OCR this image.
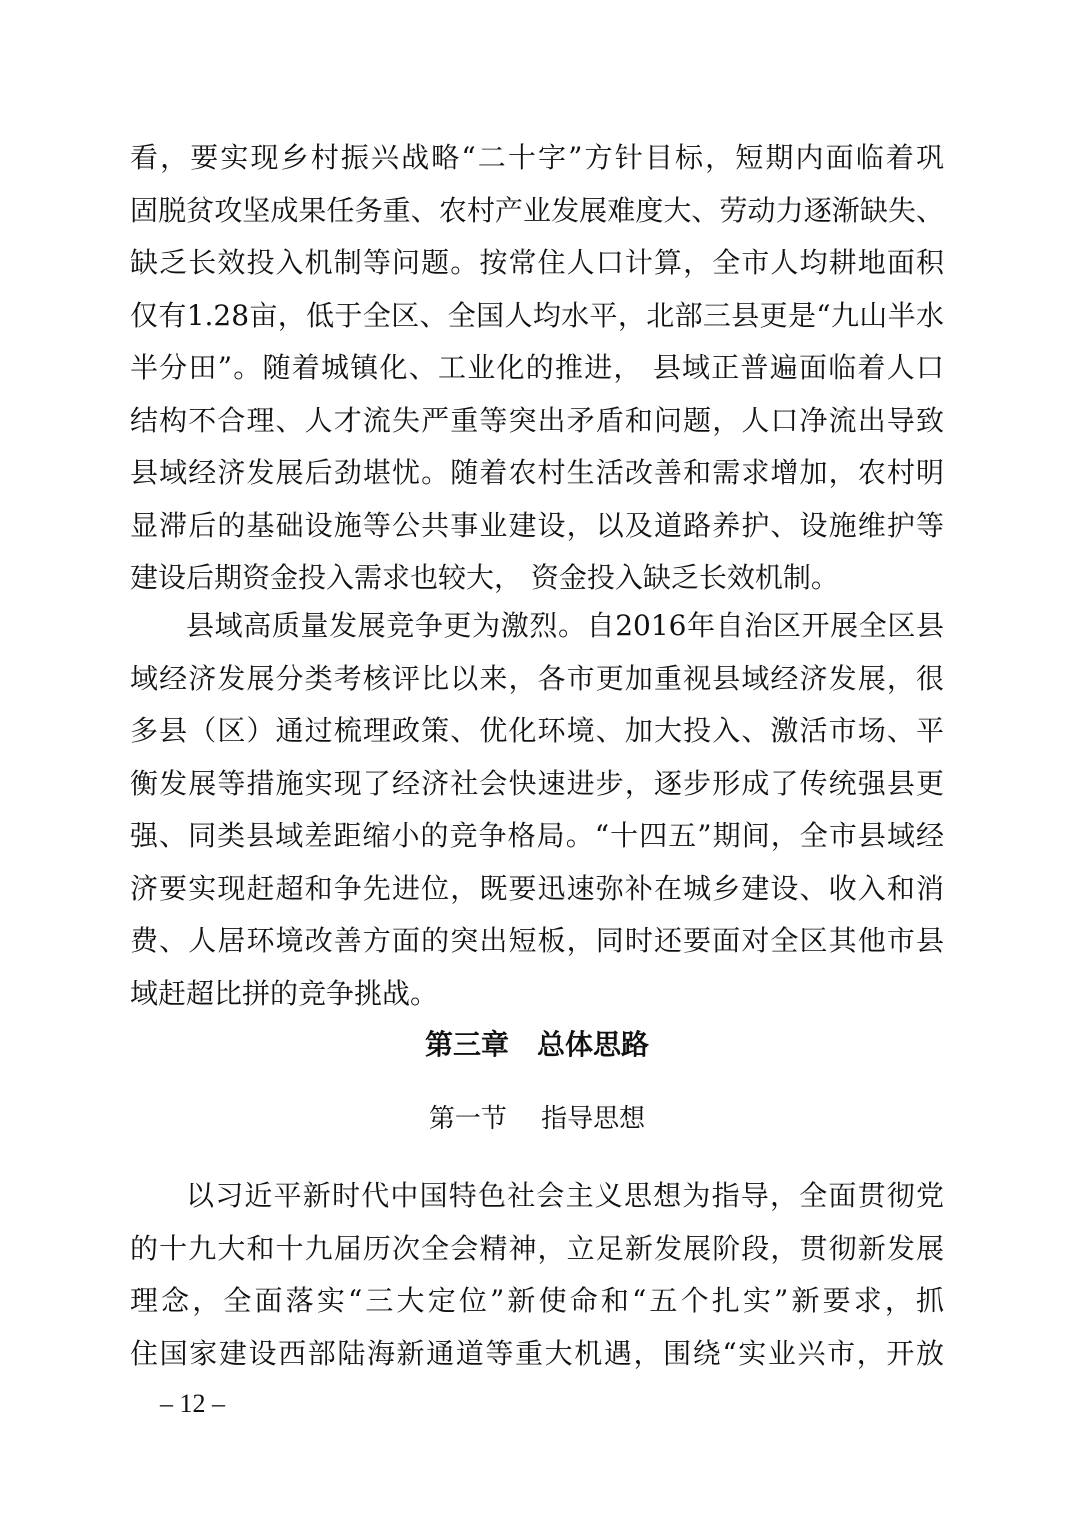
看，要实现乡村振兴战略“二十字”方针目标，短期内面临着巩
固脱贫攻坚成果任务重、农村产业发展难度大、劳动力逐渐缺失、
缺乏长效投入机制等问题。按常住人口计算，全市人均耕地面积
仅有1.28亩，低于全区、全国人均水平，北部三县更是“九山半水
半分田”。随着城镇化、工业化的推进， 县域正普遍面临着人口
结构不合理、人才流失严重等突出矛盾和问题，人口净流出导致
县域经济发展后劲堪忧。随着农村生活改善和需求增加，农村明
显滞后的基础设施等公共事业建设，以及道路养护、设施维护等
建设后期资金投入需求也较大， 资金投入缺乏长效机制。
县域高质量发展竞争更为激烈。自2016年自治区开展全区县
域经济发展分类考核评比以来，各市更加重视县域经济发展，很
多县（区）通过梳理政策、优化环境、加大投入、激活市场、平
衡发展等措施实现了经济社会快速进步，逐步形成了传统强县更
强、同类县域差距缩小的竞争格局。“十四五”期间，全市县域经
济要实现赶超和争先进位，既要迅速弥补在城乡建设、收入和消
费、人居环境改善方面的突出短板，同时还要面对全区其他市县
域赶超比拼的竞争挑战。
第三章　总体思路
第一节　 指导思想
以习近平新时代中国特色社会主义思想为指导，全面贯彻党
的十九大和十九届历次全会精神，立足新发展阶段，贯彻新发展
理念，全面落实“三大定位”新使命和“五个扎实”新要求，抓
住国家建设西部陆海新通道等重大机遇，围绕“实业兴市，开放
– 12 –
